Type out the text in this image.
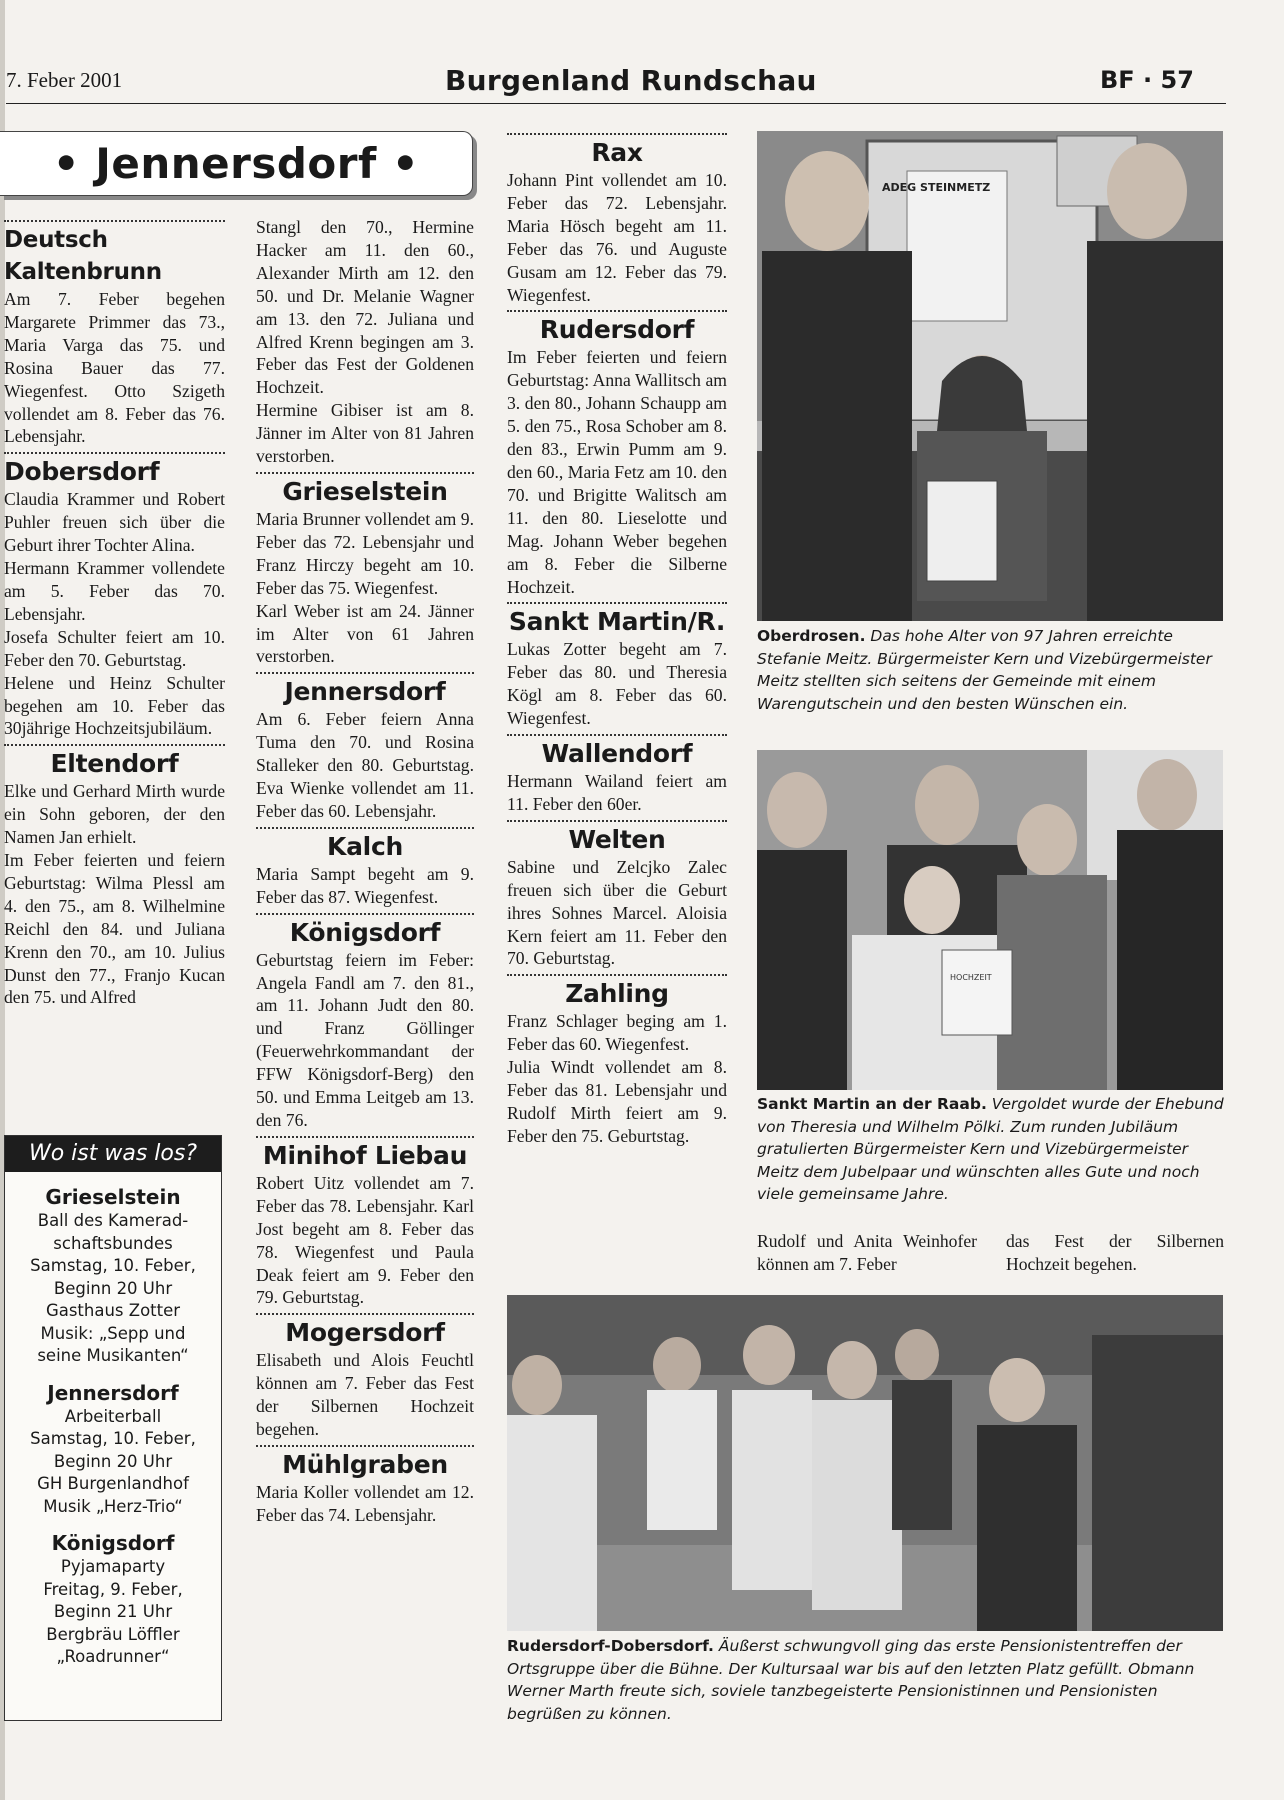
7. Feber 2001	Burgenland Rundschau	BF · 57
• Jennersdorf •
Deutsch Kaltenbrunn

Am 7. Feber begehen Margarete Primmer das 73., Maria Varga das 75. und Rosina Bauer das 77. Wiegenfest. Otto Szigeth vollendet am 8. Feber das 76. Lebensjahr.

Dobersdorf

Claudia Krammer und Robert Puhler freuen sich über die Geburt ihrer Tochter Alina.

Hermann Krammer vollendete am 5. Feber das 70. Lebensjahr.

Josefa Schulter feiert am 10. Feber den 70. Geburtstag.

Helene und Heinz Schulter begehen am 10. Feber das 30jährige Hochzeitsjubiläum.

Eltendorf

Elke und Gerhard Mirth wurde ein Sohn geboren, der den Namen Jan erhielt.

Im Feber feierten und feiern Geburtstag: Wilma Plessl am 4. den 75., am 8. Wilhelmine Reichl den 84. und Juliana Krenn den 70., am 10. Julius Dunst den 77., Franjo Kucan den 75. und Alfred

Wo ist was los?
Grieselstein
Ball des Kamerad-
schaftsbundes
Samstag, 10. Feber,
Beginn 20 Uhr
Gasthaus Zotter
Musik: „Sepp und
seine Musikanten“
Jennersdorf
Arbeiterball
Samstag, 10. Feber,
Beginn 20 Uhr
GH Burgenlandhof
Musik „Herz-Trio“
Königsdorf
Pyjamaparty
Freitag, 9. Feber,
Beginn 21 Uhr
Bergbräu Löffler
„Roadrunner“

Stangl den 70., Hermine Hacker am 11. den 60., Alexander Mirth am 12. den 50. und Dr. Melanie Wagner am 13. den 72. Juliana und Alfred Krenn begingen am 3. Feber das Fest der Goldenen Hochzeit.

Hermine Gibiser ist am 8. Jänner im Alter von 81 Jahren verstorben.

Grieselstein

Maria Brunner vollendet am 9. Feber das 72. Lebensjahr und Franz Hirczy begeht am 10. Feber das 75. Wiegenfest.

Karl Weber ist am 24. Jänner im Alter von 61 Jahren verstorben.

Jennersdorf

Am 6. Feber feiern Anna Tuma den 70. und Rosina Stalleker den 80. Geburtstag. Eva Wienke vollendet am 11. Feber das 60. Lebensjahr.

Kalch

Maria Sampt begeht am 9. Feber das 87. Wiegenfest.

Königsdorf

Geburtstag feiern im Feber: Angela Fandl am 7. den 81., am 11. Johann Judt den 80. und Franz Göllinger (Feuerwehrkommandant der FFW Königsdorf-Berg) den 50. und Emma Leitgeb am 13. den 76.

Minihof Liebau

Robert Uitz vollendet am 7. Feber das 78. Lebensjahr. Karl Jost begeht am 8. Feber das 78. Wiegenfest und Paula Deak feiert am 9. Feber den 79. Geburtstag.

Mogersdorf

Elisabeth und Alois Feuchtl können am 7. Feber das Fest der Silbernen Hochzeit begehen.

Mühlgraben

Maria Koller vollendet am 12. Feber das 74. Lebensjahr.

Rax

Johann Pint vollendet am 10. Feber das 72. Lebensjahr. Maria Hösch begeht am 11. Feber das 76. und Auguste Gusam am 12. Feber das 79. Wiegenfest.

Rudersdorf

Im Feber feierten und feiern Geburtstag: Anna Wallitsch am 3. den 80., Johann Schaupp am 5. den 75., Rosa Schober am 8. den 83., Erwin Pumm am 9. den 60., Maria Fetz am 10. den 70. und Brigitte Walitsch am 11. den 80. Lieselotte und Mag. Johann Weber begehen am 8. Feber die Silberne Hochzeit.

Sankt Martin/R.

Lukas Zotter begeht am 7. Feber das 80. und Theresia Kögl am 8. Feber das 60. Wiegenfest.

Wallendorf

Hermann Wailand feiert am 11. Feber den 60er.

Welten

Sabine und Zelcjko Zalec freuen sich über die Geburt ihres Sohnes Marcel. Aloisia Kern feiert am 11. Feber den 70. Geburtstag.

Zahling

Franz Schlager beging am 1. Feber das 60. Wiegenfest.

Julia Windt vollendet am 8. Feber das 81. Lebensjahr und Rudolf Mirth feiert am 9. Feber den 75. Geburtstag.

ADEG STEINMETZ
Oberdrosen. Das hohe Alter von 97 Jahren erreichte Stefanie Meitz. Bürgermeister Kern und Vizebürgermeister Meitz stellten sich seitens der Gemeinde mit einem Warengutschein und den besten Wünschen ein.
HOCHZEIT
Sankt Martin an der Raab. Vergoldet wurde der Ehebund von Theresia und Wilhelm Pölki. Zum runden Jubiläum gratulierten Bürgermeister Kern und Vizebürgermeister Meitz dem Jubelpaar und wünschten alles Gute und noch viele gemeinsame Jahre.
Rudolf und Anita Weinhofer können am 7. Feber
das Fest der Silbernen Hochzeit begehen.
Rudersdorf-Dobersdorf. Äußerst schwungvoll ging das erste Pensionistentreffen der Ortsgruppe über die Bühne. Der Kultursaal war bis auf den letzten Platz gefüllt. Obmann Werner Marth freute sich, soviele tanzbegeisterte Pensionistinnen und Pensionisten begrüßen zu können.
